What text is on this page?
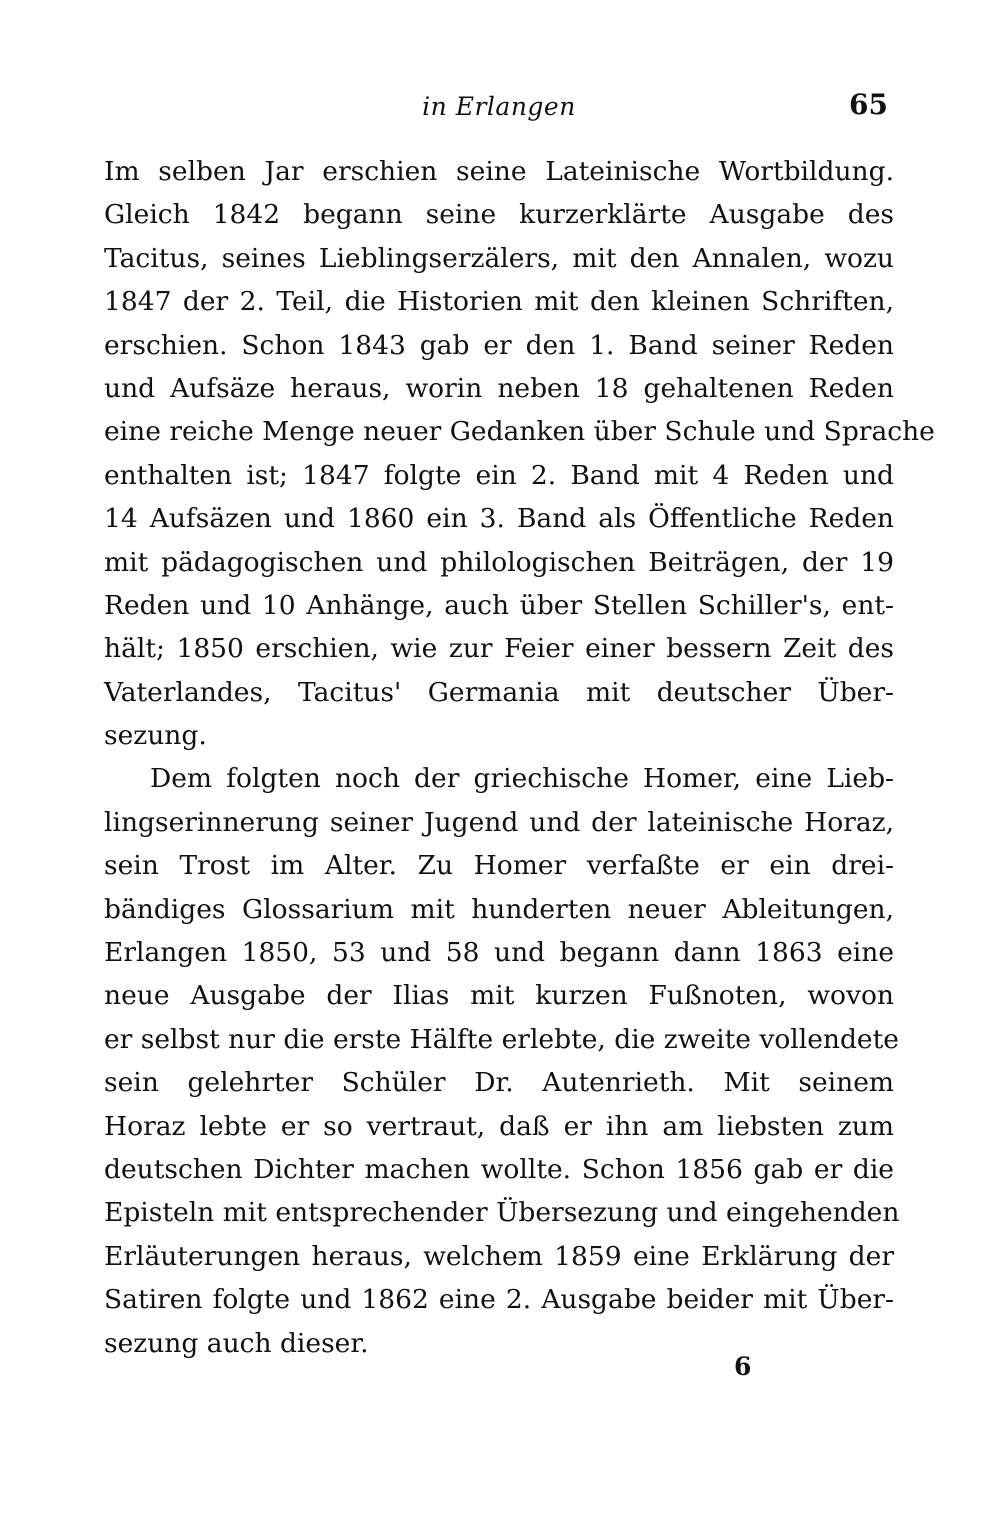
in Erlangen	65
Im selben Jar erschien seine Lateinische Wortbildung.
Gleich 1842 begann seine kurzerklärte Ausgabe des
Tacitus, seines Lieblingserzälers, mit den Annalen, wozu
1847 der 2. Teil, die Historien mit den kleinen Schriften,
erschien. Schon 1843 gab er den 1. Band seiner Reden
und Aufsäze heraus, worin neben 18 gehaltenen Reden
eine reiche Menge neuer Gedanken über Schule und Sprache
enthalten ist; 1847 folgte ein 2. Band mit 4 Reden und
14 Aufsäzen und 1860 ein 3. Band als Öffentliche Reden
mit pädagogischen und philologischen Beiträgen, der 19
Reden und 10 Anhänge, auch über Stellen Schiller's, ent-
hält; 1850 erschien, wie zur Feier einer bessern Zeit des
Vaterlandes, Tacitus' Germania mit deutscher Über-
sezung.
Dem folgten noch der griechische Homer, eine Lieb-
lingserinnerung seiner Jugend und der lateinische Horaz,
sein Trost im Alter. Zu Homer verfaßte er ein drei-
bändiges Glossarium mit hunderten neuer Ableitungen,
Erlangen 1850, 53 und 58 und begann dann 1863 eine
neue Ausgabe der Ilias mit kurzen Fußnoten, wovon
er selbst nur die erste Hälfte erlebte, die zweite vollendete
sein gelehrter Schüler Dr. Autenrieth. Mit seinem
Horaz lebte er so vertraut, daß er ihn am liebsten zum
deutschen Dichter machen wollte. Schon 1856 gab er die
Episteln mit entsprechender Übersezung und eingehenden
Erläuterungen heraus, welchem 1859 eine Erklärung der
Satiren folgte und 1862 eine 2. Ausgabe beider mit Über-
sezung auch dieser.
6
